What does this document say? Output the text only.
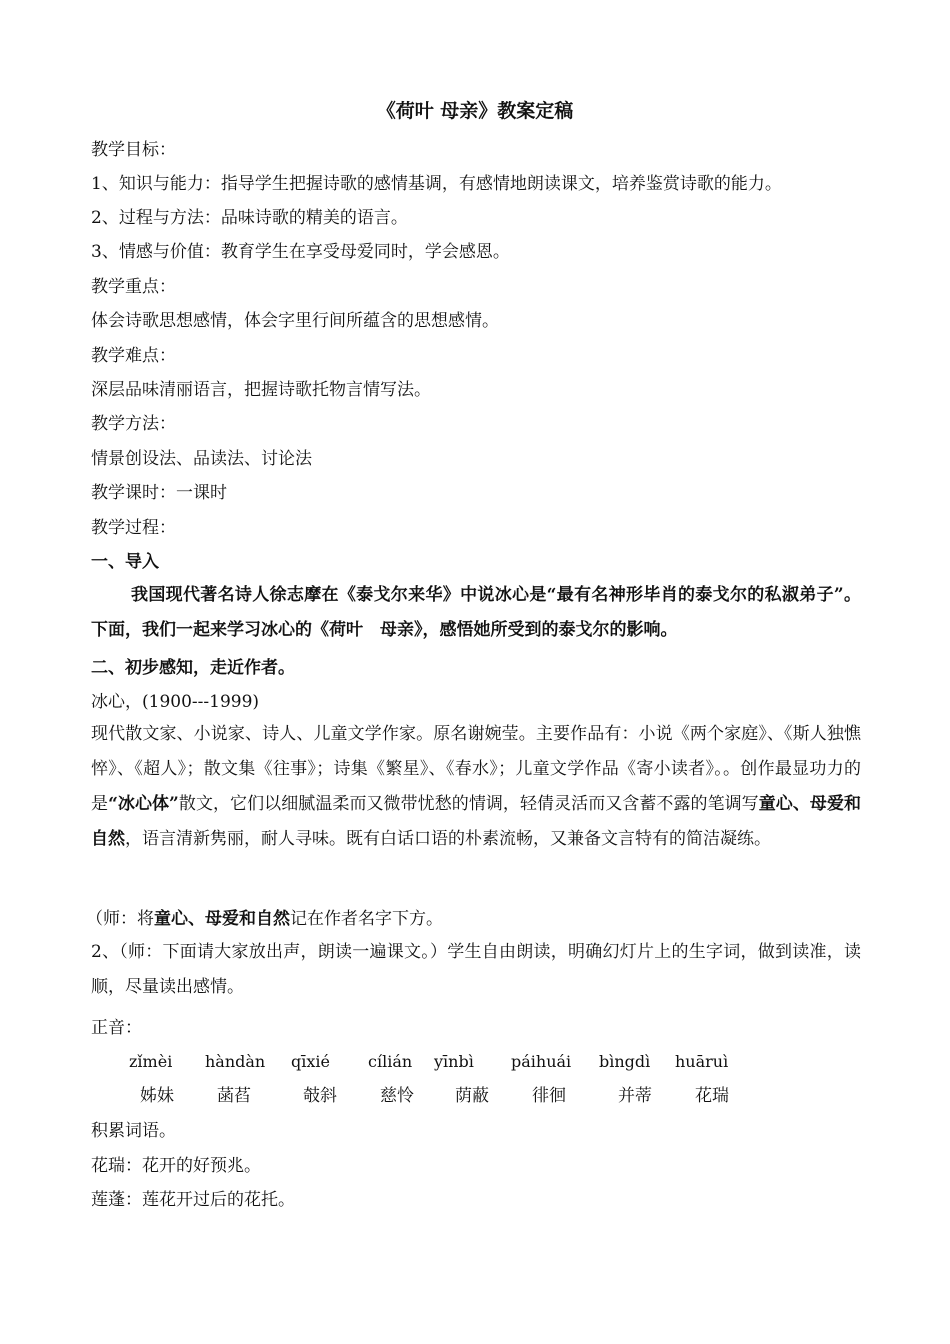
《荷叶 母亲》教案定稿
教学目标：
1、知识与能力：指导学生把握诗歌的感情基调，有感情地朗读课文，培养鉴赏诗歌的能力。
2、过程与方法：品味诗歌的精美的语言。
3、情感与价值：教育学生在享受母爱同时，学会感恩。
教学重点：
体会诗歌思想感情，体会字里行间所蕴含的思想感情。
教学难点：
深层品味清丽语言，把握诗歌托物言情写法。
教学方法：
情景创设法、品读法、讨论法
教学课时：一课时
教学过程：
一、导入
我国现代著名诗人徐志摩在《泰戈尔来华》中说冰心是“最有名神形毕肖的泰戈尔的私淑弟子”。下面，我们一起来学习冰心的《荷叶　母亲》，感悟她所受到的泰戈尔的影响。
二、初步感知，走近作者。
冰心，(1900---1999)
现代散文家、小说家、诗人、儿童文学作家。原名谢婉莹。主要作品有：小说《两个家庭》、《斯人独憔悴》、《超人》；散文集《往事》；诗集《繁星》、《春水》；儿童文学作品《寄小读者》。。创作最显功力的是“冰心体”散文，它们以细腻温柔而又微带忧愁的情调，轻倩灵活而又含蓄不露的笔调写童心、母爱和自然，语言清新隽丽，耐人寻味。既有白话口语的朴素流畅，又兼备文言特有的简洁凝练。
（师：将童心、母爱和自然记在作者名字下方。
2、（师：下面请大家放出声，朗读一遍课文。）学生自由朗读，明确幻灯片上的生字词，做到读准，读顺，尽量读出感情。
正音：
zǐmèi hàndàn qīxié cílián yīnbì páihuái bìngdì huāruì
姊妹	菡萏	攲斜	慈怜 荫蔽	徘徊	并蒂	花瑞
积累词语。
花瑞：花开的好预兆。
莲蓬：莲花开过后的花托。
